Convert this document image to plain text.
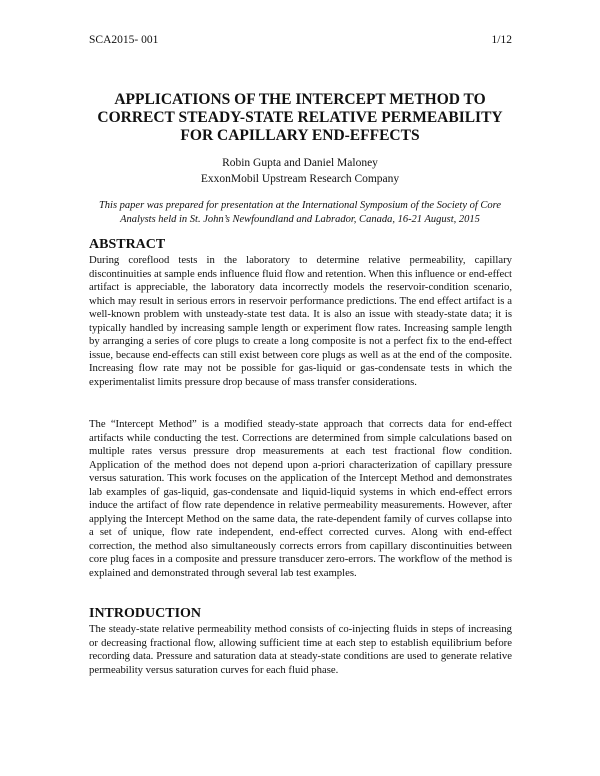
SCA2015- 001	1/12
APPLICATIONS OF THE INTERCEPT METHOD TO
CORRECT STEADY-STATE RELATIVE PERMEABILITY
FOR CAPILLARY END-EFFECTS
Robin Gupta and Daniel Maloney
ExxonMobil Upstream Research Company
This paper was prepared for presentation at the International Symposium of the Society of Core Analysts held in St. John’s Newfoundland and Labrador, Canada, 16-21 August, 2015
ABSTRACT

During coreflood tests in the laboratory to determine relative permeability, capillary discontinuities at sample ends influence fluid flow and retention. When this influence or end-effect artifact is appreciable, the laboratory data incorrectly models the reservoir-condition scenario, which may result in serious errors in reservoir performance predictions. The end effect artifact is a well-known problem with unsteady-state test data. It is also an issue with steady-state data; it is typically handled by increasing sample length or experiment flow rates. Increasing sample length by arranging a series of core plugs to create a long composite is not a perfect fix to the end-effect issue, because end-effects can still exist between core plugs as well as at the end of the composite. Increasing flow rate may not be possible for gas-liquid or gas-condensate tests in which the experimentalist limits pressure drop because of mass transfer considerations.

The “Intercept Method” is a modified steady-state approach that corrects data for end-effect artifacts while conducting the test. Corrections are determined from simple calculations based on multiple rates versus pressure drop measurements at each test fractional flow condition. Application of the method does not depend upon a-priori characterization of capillary pressure versus saturation. This work focuses on the application of the Intercept Method and demonstrates lab examples of gas-liquid, gas-condensate and liquid-liquid systems in which end-effect errors induce the artifact of flow rate dependence in relative permeability measurements. However, after applying the Intercept Method on the same data, the rate-dependent family of curves collapse into a set of unique, flow rate independent, end-effect corrected curves. Along with end-effect correction, the method also simultaneously corrects errors from capillary discontinuities between core plug faces in a composite and pressure transducer zero-errors. The workflow of the method is explained and demonstrated through several lab test examples.

INTRODUCTION

The steady-state relative permeability method consists of co-injecting fluids in steps of increasing or decreasing fractional flow, allowing sufficient time at each step to establish equilibrium before recording data. Pressure and saturation data at steady-state conditions are used to generate relative permeability versus saturation curves for each fluid phase.
